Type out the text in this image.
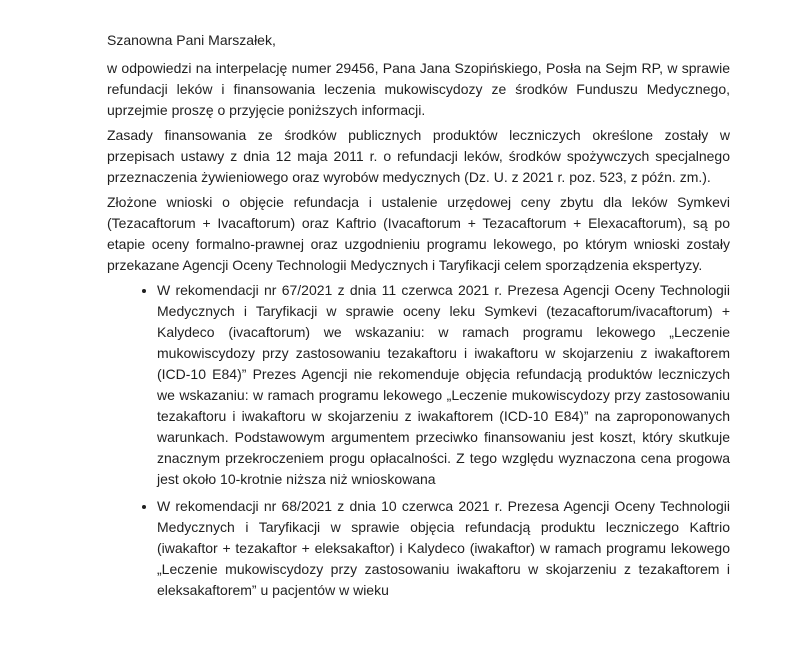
Szanowna Pani Marszałek,

w odpowiedzi na interpelację numer 29456, Pana Jana Szopińskiego, Posła na Sejm RP, w sprawie refundacji leków i finansowania leczenia mukowiscydozy ze środków Funduszu Medycznego, uprzejmie proszę o przyjęcie poniższych informacji.

Zasady finansowania ze środków publicznych produktów leczniczych określone zostały w przepisach ustawy z dnia 12 maja 2011 r. o refundacji leków, środków spożywczych specjalnego przeznaczenia żywieniowego oraz wyrobów medycznych (Dz. U. z 2021 r. poz. 523, z późn. zm.).

Złożone wnioski o objęcie refundacja i ustalenie urzędowej ceny zbytu dla leków Symkevi (Tezacaftorum + Ivacaftorum) oraz Kaftrio (Ivacaftorum + Tezacaftorum + Elexacaftorum), są po etapie oceny formalno-prawnej oraz uzgodnieniu programu lekowego, po którym wnioski zostały przekazane Agencji Oceny Technologii Medycznych i Taryfikacji celem sporządzenia ekspertyzy.

• W rekomendacji nr 67/2021 z dnia 11 czerwca 2021 r. Prezesa Agencji Oceny Technologii Medycznych i Taryfikacji w sprawie oceny leku Symkevi (tezacaftorum/ivacaftorum) + Kalydeco (ivacaftorum) we wskazaniu: w ramach programu lekowego „Leczenie mukowiscydozy przy zastosowaniu tezakaftoru i iwakaftoru w skojarzeniu z iwakaftorem (ICD-10 E84)” Prezes Agencji nie rekomenduje objęcia refundacją produktów leczniczych we wskazaniu: w ramach programu lekowego „Leczenie mukowiscydozy przy zastosowaniu tezakaftoru i iwakaftoru w skojarzeniu z iwakaftorem (ICD-10 E84)” na zaproponowanych warunkach. Podstawowym argumentem przeciwko finansowaniu jest koszt, który skutkuje znacznym przekroczeniem progu opłacalności. Z tego względu wyznaczona cena progowa jest około 10-krotnie niższa niż wnioskowana
• W rekomendacji nr 68/2021 z dnia 10 czerwca 2021 r. Prezesa Agencji Oceny Technologii Medycznych i Taryfikacji w sprawie objęcia refundacją produktu leczniczego Kaftrio (iwakaftor + tezakaftor + eleksakaftor) i Kalydeco (iwakaftor) w ramach programu lekowego „Leczenie mukowiscydozy przy zastosowaniu iwakaftoru w skojarzeniu z tezakaftorem i eleksakaftorem” u pacjentów w wieku
